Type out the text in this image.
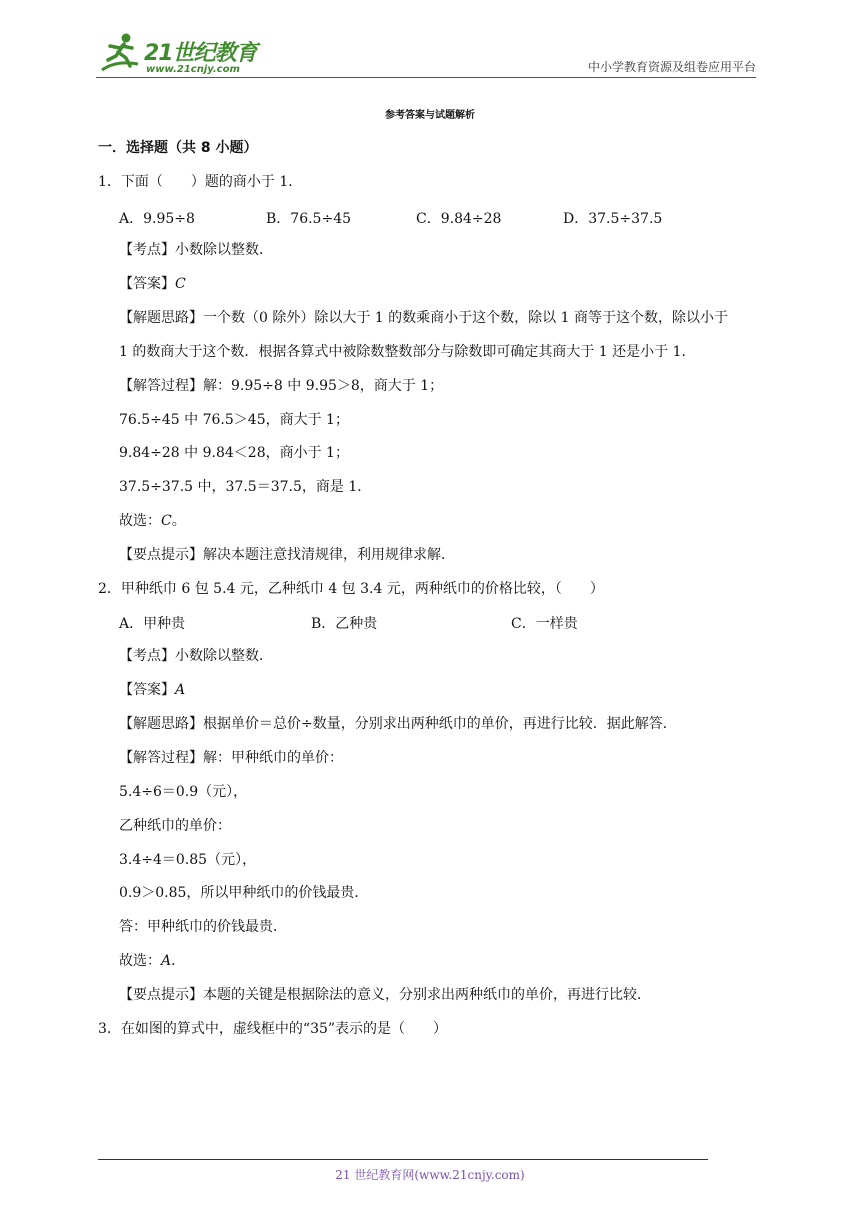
21世纪教育
www.21cnjy.com	中小学教育资源及组卷应用平台
参考答案与试题解析
一．选择题（共 8 小题）
1．下面（　　）题的商小于 1．
A．9.95÷8	B．76.5÷45	C．9.84÷28	D．37.5÷37.5
【考点】小数除以整数．
【答案】C
【解题思路】一个数（0 除外）除以大于 1 的数乘商小于这个数，除以 1 商等于这个数，除以小于
1 的数商大于这个数．根据各算式中被除数整数部分与除数即可确定其商大于 1 还是小于 1．
【解答过程】解：9.95÷8 中 9.95＞8，商大于 1；
76.5÷45 中 76.5＞45，商大于 1；
9.84÷28 中 9.84＜28，商小于 1；
37.5÷37.5 中，37.5＝37.5，商是 1．
故选：C。
【要点提示】解决本题注意找清规律，利用规律求解．
2．甲种纸巾 6 包 5.4 元，乙种纸巾 4 包 3.4 元，两种纸巾的价格比较，（　　）
A．甲种贵	B．乙种贵	C．一样贵
【考点】小数除以整数．
【答案】A
【解题思路】根据单价＝总价÷数量，分别求出两种纸巾的单价，再进行比较．据此解答．
【解答过程】解：甲种纸巾的单价：
5.4÷6＝0.9（元），
乙种纸巾的单价：
3.4÷4＝0.85（元），
0.9＞0.85，所以甲种纸巾的价钱最贵．
答：甲种纸巾的价钱最贵．
故选：A．
【要点提示】本题的关键是根据除法的意义，分别求出两种纸巾的单价，再进行比较．
3．在如图的算式中，虚线框中的“35”表示的是（　　）
21 世纪教育网(www.21cnjy.com)
